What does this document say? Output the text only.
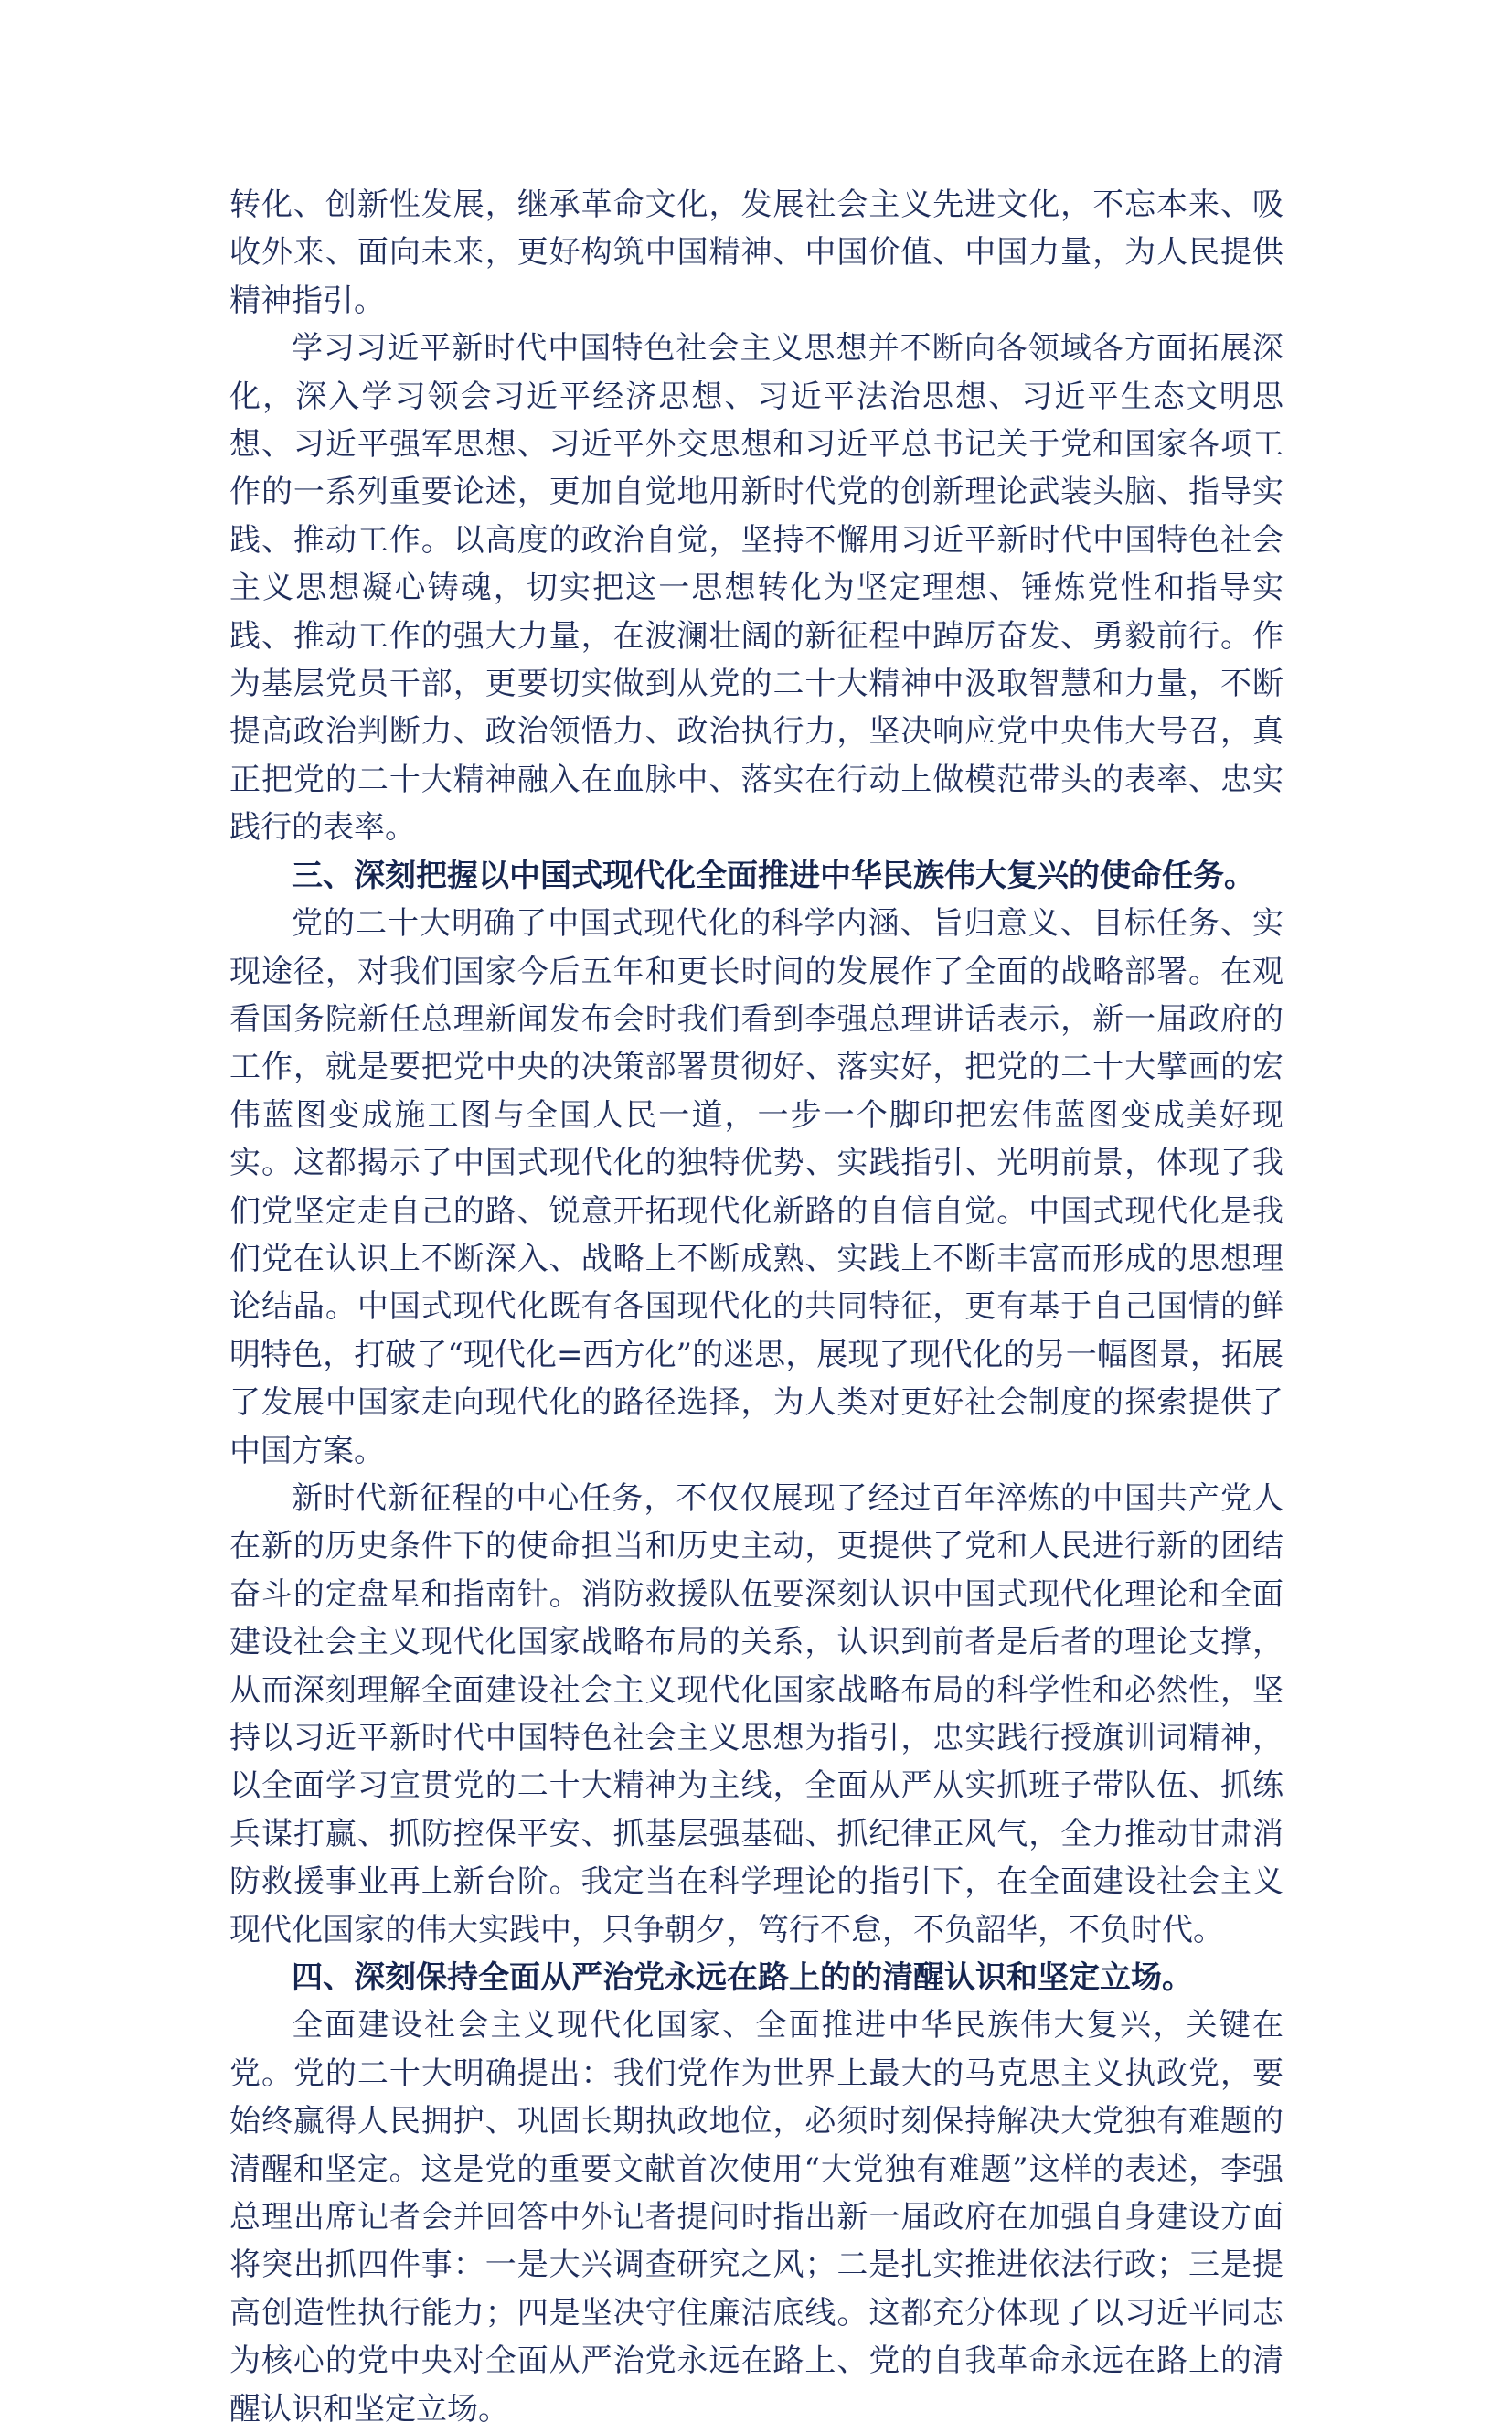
转化、创新性发展，继承革命文化，发展社会主义先进文化，不忘本来、吸收外来、面向未来，更好构筑中国精神、中国价值、中国力量，为人民提供精神指引。

学习习近平新时代中国特色社会主义思想并不断向各领域各方面拓展深化，深入学习领会习近平经济思想、习近平法治思想、习近平生态文明思想、习近平强军思想、习近平外交思想和习近平总书记关于党和国家各项工作的一系列重要论述，更加自觉地用新时代党的创新理论武装头脑、指导实践、推动工作。以高度的政治自觉，坚持不懈用习近平新时代中国特色社会主义思想凝心铸魂，切实把这一思想转化为坚定理想、锤炼党性和指导实践、推动工作的强大力量，在波澜壮阔的新征程中踔厉奋发、勇毅前行。作为基层党员干部，更要切实做到从党的二十大精神中汲取智慧和力量，不断提高政治判断力、政治领悟力、政治执行力，坚决响应党中央伟大号召，真正把党的二十大精神融入在血脉中、落实在行动上做模范带头的表率、忠实践行的表率。

三、深刻把握以中国式现代化全面推进中华民族伟大复兴的使命任务。

党的二十大明确了中国式现代化的科学内涵、旨归意义、目标任务、实现途径，对我们国家今后五年和更长时间的发展作了全面的战略部署。在观看国务院新任总理新闻发布会时我们看到李强总理讲话表示，新一届政府的工作，就是要把党中央的决策部署贯彻好、落实好，把党的二十大擘画的宏伟蓝图变成施工图与全国人民一道，一步一个脚印把宏伟蓝图变成美好现实。这都揭示了中国式现代化的独特优势、实践指引、光明前景，体现了我们党坚定走自己的路、锐意开拓现代化新路的自信自觉。中国式现代化是我们党在认识上不断深入、战略上不断成熟、实践上不断丰富而形成的思想理论结晶。中国式现代化既有各国现代化的共同特征，更有基于自己国情的鲜明特色，打破了“现代化=西方化”的迷思，展现了现代化的另一幅图景，拓展了发展中国家走向现代化的路径选择，为人类对更好社会制度的探索提供了中国方案。

新时代新征程的中心任务，不仅仅展现了经过百年淬炼的中国共产党人在新的历史条件下的使命担当和历史主动，更提供了党和人民进行新的团结奋斗的定盘星和指南针。消防救援队伍要深刻认识中国式现代化理论和全面建设社会主义现代化国家战略布局的关系，认识到前者是后者的理论支撑，从而深刻理解全面建设社会主义现代化国家战略布局的科学性和必然性，坚持以习近平新时代中国特色社会主义思想为指引，忠实践行授旗训词精神，以全面学习宣贯党的二十大精神为主线，全面从严从实抓班子带队伍、抓练兵谋打赢、抓防控保平安、抓基层强基础、抓纪律正风气，全力推动甘肃消防救援事业再上新台阶。我定当在科学理论的指引下，在全面建设社会主义现代化国家的伟大实践中，只争朝夕，笃行不怠，不负韶华，不负时代。

四、深刻保持全面从严治党永远在路上的的清醒认识和坚定立场。

全面建设社会主义现代化国家、全面推进中华民族伟大复兴，关键在党。党的二十大明确提出：我们党作为世界上最大的马克思主义执政党，要始终赢得人民拥护、巩固长期执政地位，必须时刻保持解决大党独有难题的清醒和坚定。这是党的重要文献首次使用“大党独有难题”这样的表述，李强总理出席记者会并回答中外记者提问时指出新一届政府在加强自身建设方面将突出抓四件事：一是大兴调查研究之风；二是扎实推进依法行政；三是提高创造性执行能力；四是坚决守住廉洁底线。这都充分体现了以习近平同志为核心的党中央对全面从严治党永远在路上、党的自我革命永远在路上的清醒认识和坚定立场。
